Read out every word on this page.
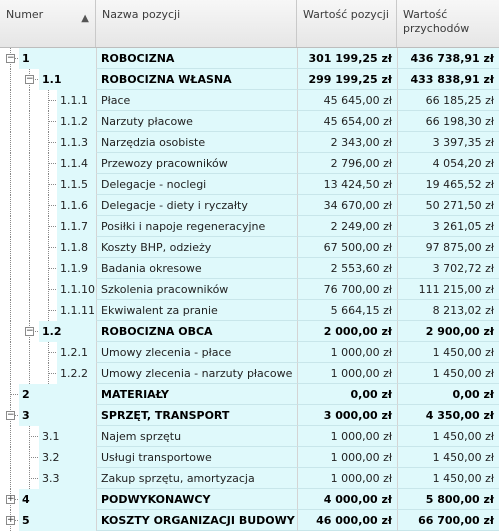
Numer	▲	Nazwa pozycji	Wartość pozycji	Wartość przychodów
− 1	ROBOCIZNA	301 199,25 zł	436 738,91 zł
− 1.1	ROBOCIZNA WŁASNA	299 199,25 zł	433 838,91 zł
1.1.1	Płace	45 645,00 zł	66 185,25 zł
1.1.2	Narzuty płacowe	45 654,00 zł	66 198,30 zł
1.1.3	Narzędzia osobiste	2 343,00 zł	3 397,35 zł
1.1.4	Przewozy pracowników	2 796,00 zł	4 054,20 zł
1.1.5	Delegacje - noclegi	13 424,50 zł	19 465,52 zł
1.1.6	Delegacje - diety i ryczałty	34 670,00 zł	50 271,50 zł
1.1.7	Posiłki i napoje regeneracyjne	2 249,00 zł	3 261,05 zł
1.1.8	Koszty BHP, odzieży	67 500,00 zł	97 875,00 zł
1.1.9	Badania okresowe	2 553,60 zł	3 702,72 zł
1.1.10 Szkolenia pracowników	76 700,00 zł	111 215,00 zł
1.1.11 Ekwiwalent za pranie	5 664,15 zł	8 213,02 zł
− 1.2	ROBOCIZNA OBCA	2 000,00 zł	2 900,00 zł
1.2.1	Umowy zlecenia - płace	1 000,00 zł	1 450,00 zł
1.2.2	Umowy zlecenia - narzuty płacowe	1 000,00 zł	1 450,00 zł
2	MATERIAŁY	0,00 zł	0,00 zł
− 3	SPRZĘT, TRANSPORT	3 000,00 zł	4 350,00 zł
3.1	Najem sprzętu	1 000,00 zł	1 450,00 zł
3.2	Usługi transportowe	1 000,00 zł	1 450,00 zł
3.3	Zakup sprzętu, amortyzacja	1 000,00 zł	1 450,00 zł
+ 4	PODWYKONAWCY	4 000,00 zł	5 800,00 zł
+ 5	KOSZTY ORGANIZACJI BUDOWY	46 000,00 zł	66 700,00 zł
